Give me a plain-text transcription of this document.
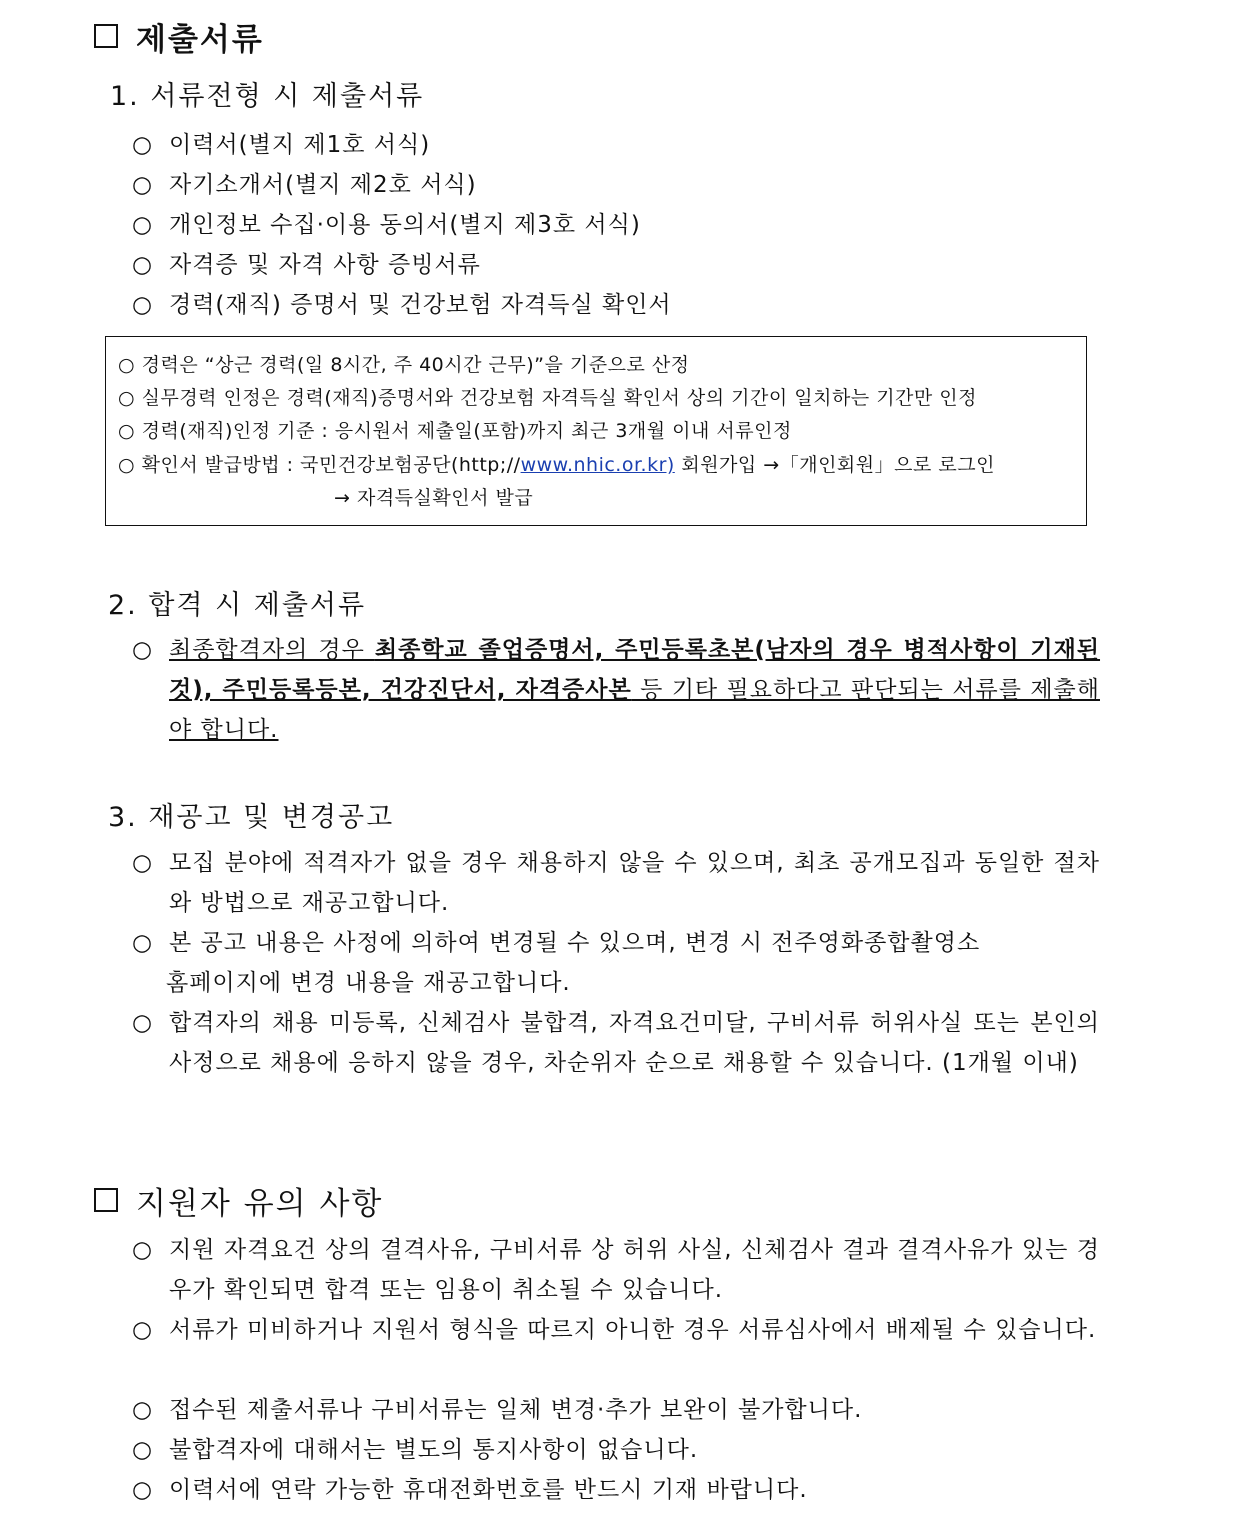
제출서류
1. 서류전형 시 제출서류
○ 이력서(별지 제1호 서식)
○ 자기소개서(별지 제2호 서식)
○ 개인정보 수집·이용 동의서(별지 제3호 서식)
○ 자격증 및 자격 사항 증빙서류
○ 경력(재직) 증명서 및 건강보험 자격득실 확인서
○ 경력은 “상근 경력(일 8시간, 주 40시간 근무)”을 기준으로 산정
○ 실무경력 인정은 경력(재직)증명서와 건강보험 자격득실 확인서 상의 기간이 일치하는 기간만 인정
○ 경력(재직)인정 기준 : 응시원서 제출일(포함)까지 최근 3개월 이내 서류인정
○ 확인서 발급방법 : 국민건강보험공단(http;//www.nhic.or.kr) 회원가입 →「개인회원」으로 로그인
→ 자격득실확인서 발급
2. 합격 시 제출서류
○ 최종합격자의 경우 최종학교 졸업증명서, 주민등록초본(남자의 경우 병적사항이 기재된 것), 주민등록등본, 건강진단서, 자격증사본 등 기타 필요하다고 판단되는 서류를 제출해야 합니다.
3. 재공고 및 변경공고
○ 모집 분야에 적격자가 없을 경우 채용하지 않을 수 있으며, 최초 공개모집과 동일한 절차와 방법으로 재공고합니다.
○ 본 공고 내용은 사정에 의하여 변경될 수 있으며, 변경 시 전주영화종합촬영소
홈페이지에 변경 내용을 재공고합니다.
○ 합격자의 채용 미등록, 신체검사 불합격, 자격요건미달, 구비서류 허위사실 또는 본인의 사정으로 채용에 응하지 않을 경우, 차순위자 순으로 채용할 수 있습니다. (1개월 이내)
지원자 유의 사항
○ 지원 자격요건 상의 결격사유, 구비서류 상 허위 사실, 신체검사 결과 결격사유가 있는 경우가 확인되면 합격 또는 임용이 취소될 수 있습니다.
○ 서류가 미비하거나 지원서 형식을 따르지 아니한 경우 서류심사에서 배제될 수 있습니다.
○ 접수된 제출서류나 구비서류는 일체 변경·추가 보완이 불가합니다.
○ 불합격자에 대해서는 별도의 통지사항이 없습니다.
○ 이력서에 연락 가능한 휴대전화번호를 반드시 기재 바랍니다.
